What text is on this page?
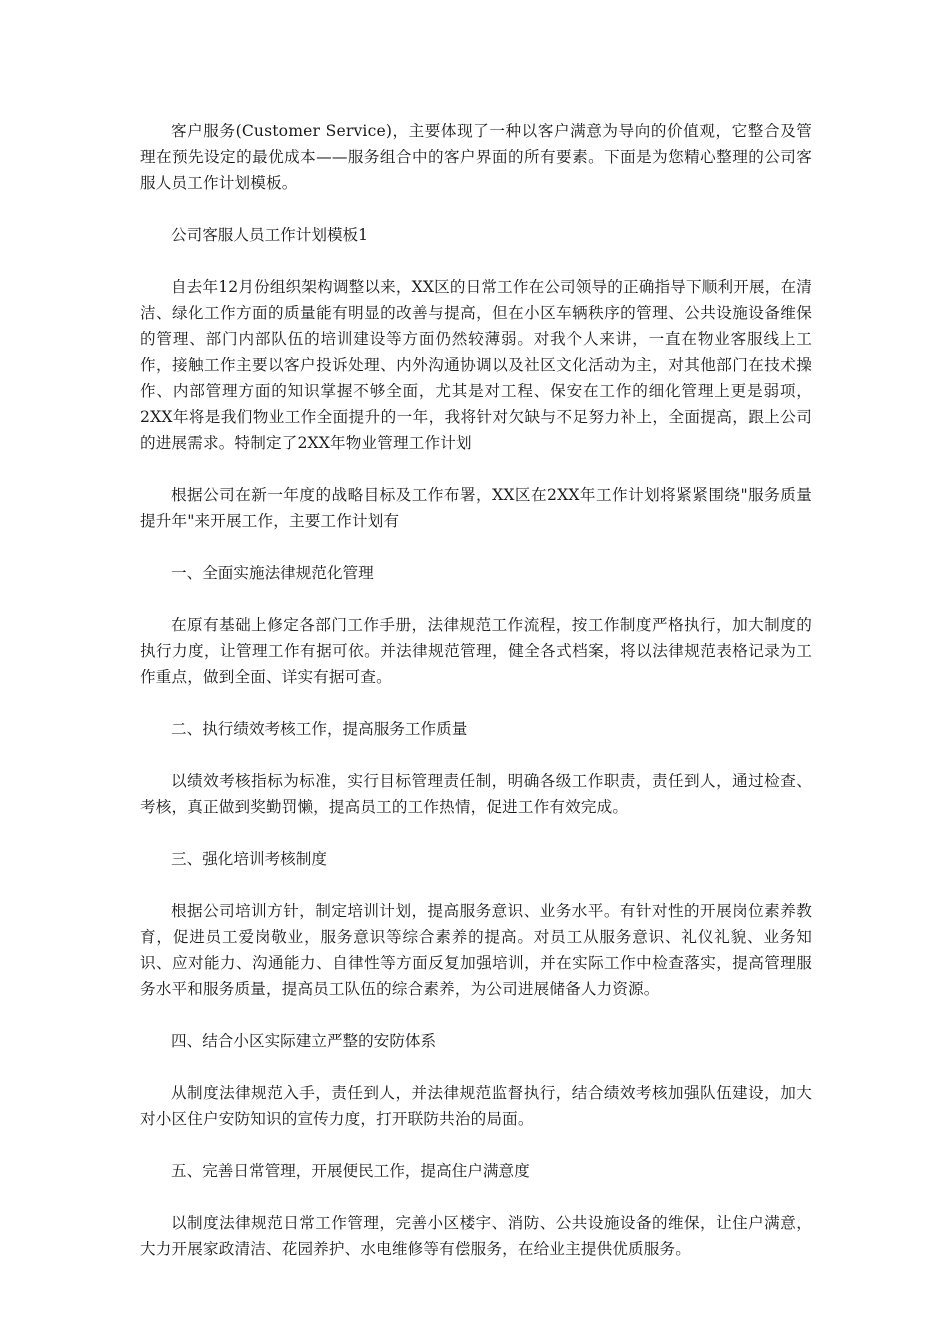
客户服务(Customer Service)，主要体现了一种以客户满意为导向的价值观，它整合及管理在预先设定的最优成本——服务组合中的客户界面的所有要素。下面是为您精心整理的公司客服人员工作计划模板。

公司客服人员工作计划模板1

自去年12月份组织架构调整以来，XX区的日常工作在公司领导的正确指导下顺利开展，在清洁、绿化工作方面的质量能有明显的改善与提高，但在小区车辆秩序的管理、公共设施设备维保的管理、部门内部队伍的培训建设等方面仍然较薄弱。对我个人来讲，一直在物业客服线上工作，接触工作主要以客户投诉处理、内外沟通协调以及社区文化活动为主，对其他部门在技术操作、内部管理方面的知识掌握不够全面，尤其是对工程、保安在工作的细化管理上更是弱项，2XX年将是我们物业工作全面提升的一年，我将针对欠缺与不足努力补上，全面提高，跟上公司的进展需求。特制定了2XX年物业管理工作计划

根据公司在新一年度的战略目标及工作布署，XX区在2XX年工作计划将紧紧围绕"服务质量提升年"来开展工作，主要工作计划有

一、全面实施法律规范化管理

在原有基础上修定各部门工作手册，法律规范工作流程，按工作制度严格执行，加大制度的执行力度，让管理工作有据可依。并法律规范管理，健全各式档案，将以法律规范表格记录为工作重点，做到全面、详实有据可查。

二、执行绩效考核工作，提高服务工作质量

以绩效考核指标为标准，实行目标管理责任制，明确各级工作职责，责任到人，通过检查、考核，真正做到奖勤罚懒，提高员工的工作热情，促进工作有效完成。

三、强化培训考核制度

根据公司培训方针，制定培训计划，提高服务意识、业务水平。有针对性的开展岗位素养教育，促进员工爱岗敬业，服务意识等综合素养的提高。对员工从服务意识、礼仪礼貌、业务知识、应对能力、沟通能力、自律性等方面反复加强培训，并在实际工作中检查落实，提高管理服务水平和服务质量，提高员工队伍的综合素养，为公司进展储备人力资源。

四、结合小区实际建立严整的安防体系

从制度法律规范入手，责任到人，并法律规范监督执行，结合绩效考核加强队伍建设，加大对小区住户安防知识的宣传力度，打开联防共治的局面。

五、完善日常管理，开展便民工作，提高住户满意度

以制度法律规范日常工作管理，完善小区楼宇、消防、公共设施设备的维保，让住户满意，大力开展家政清洁、花园养护、水电维修等有偿服务，在给业主提供优质服务。
